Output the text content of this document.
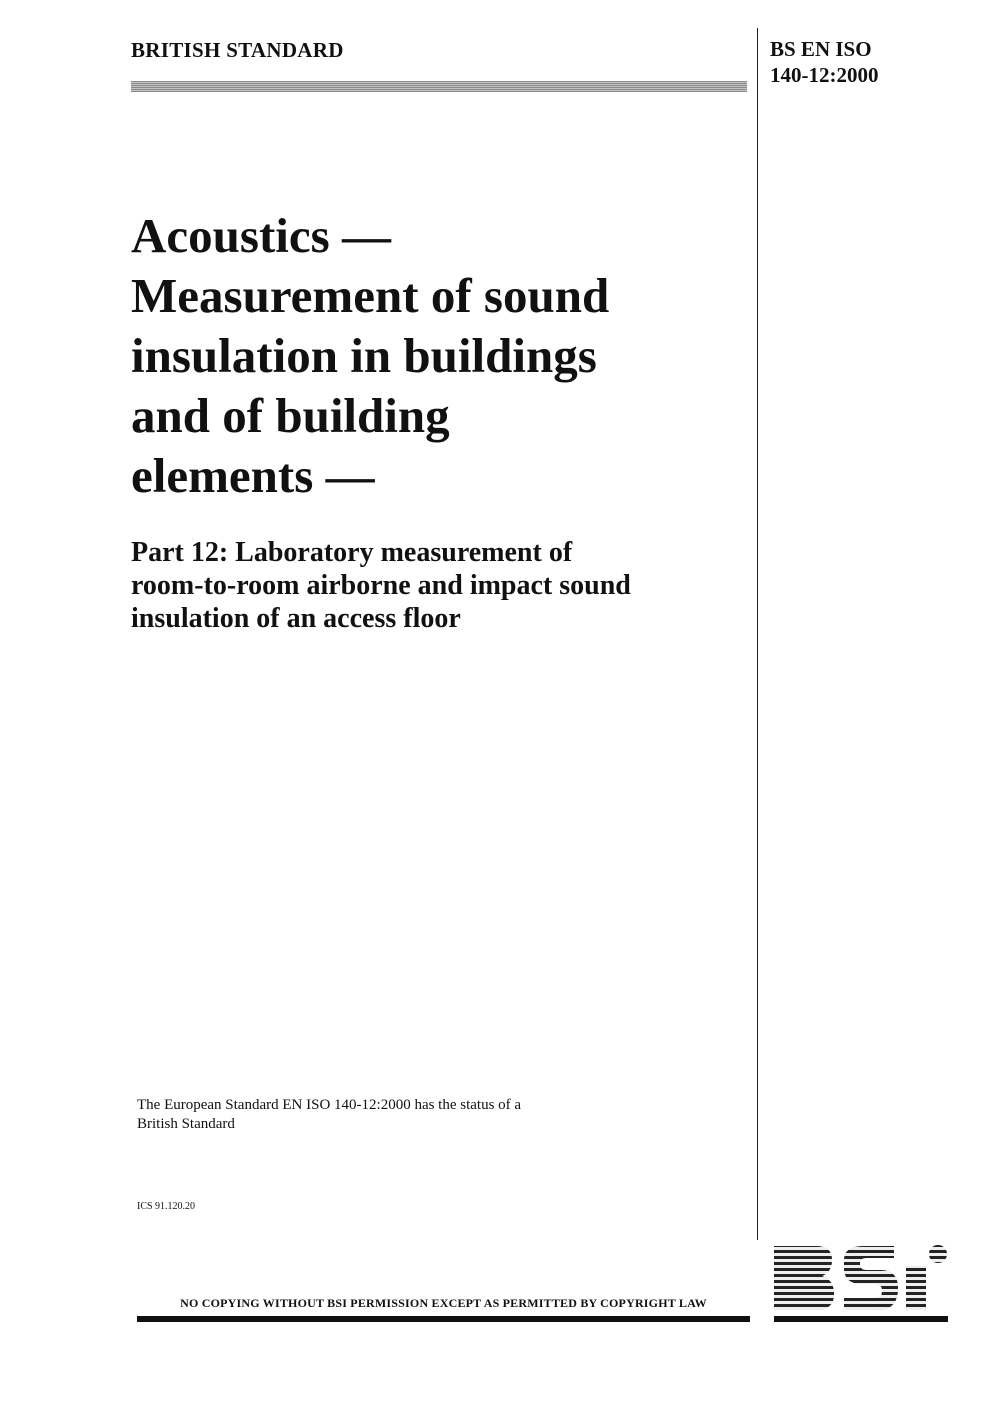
BRITISH STANDARD	BS EN ISO
140-12:2000
Acoustics —
Measurement of sound
insulation in buildings
and of building
elements —
Part 12: Laboratory measurement of
room-to-room airborne and impact sound
insulation of an access floor
The European Standard EN ISO 140-12:2000 has the status of a
British Standard
ICS 91.120.20
NO COPYING WITHOUT BSI PERMISSION EXCEPT AS PERMITTED BY COPYRIGHT LAW
